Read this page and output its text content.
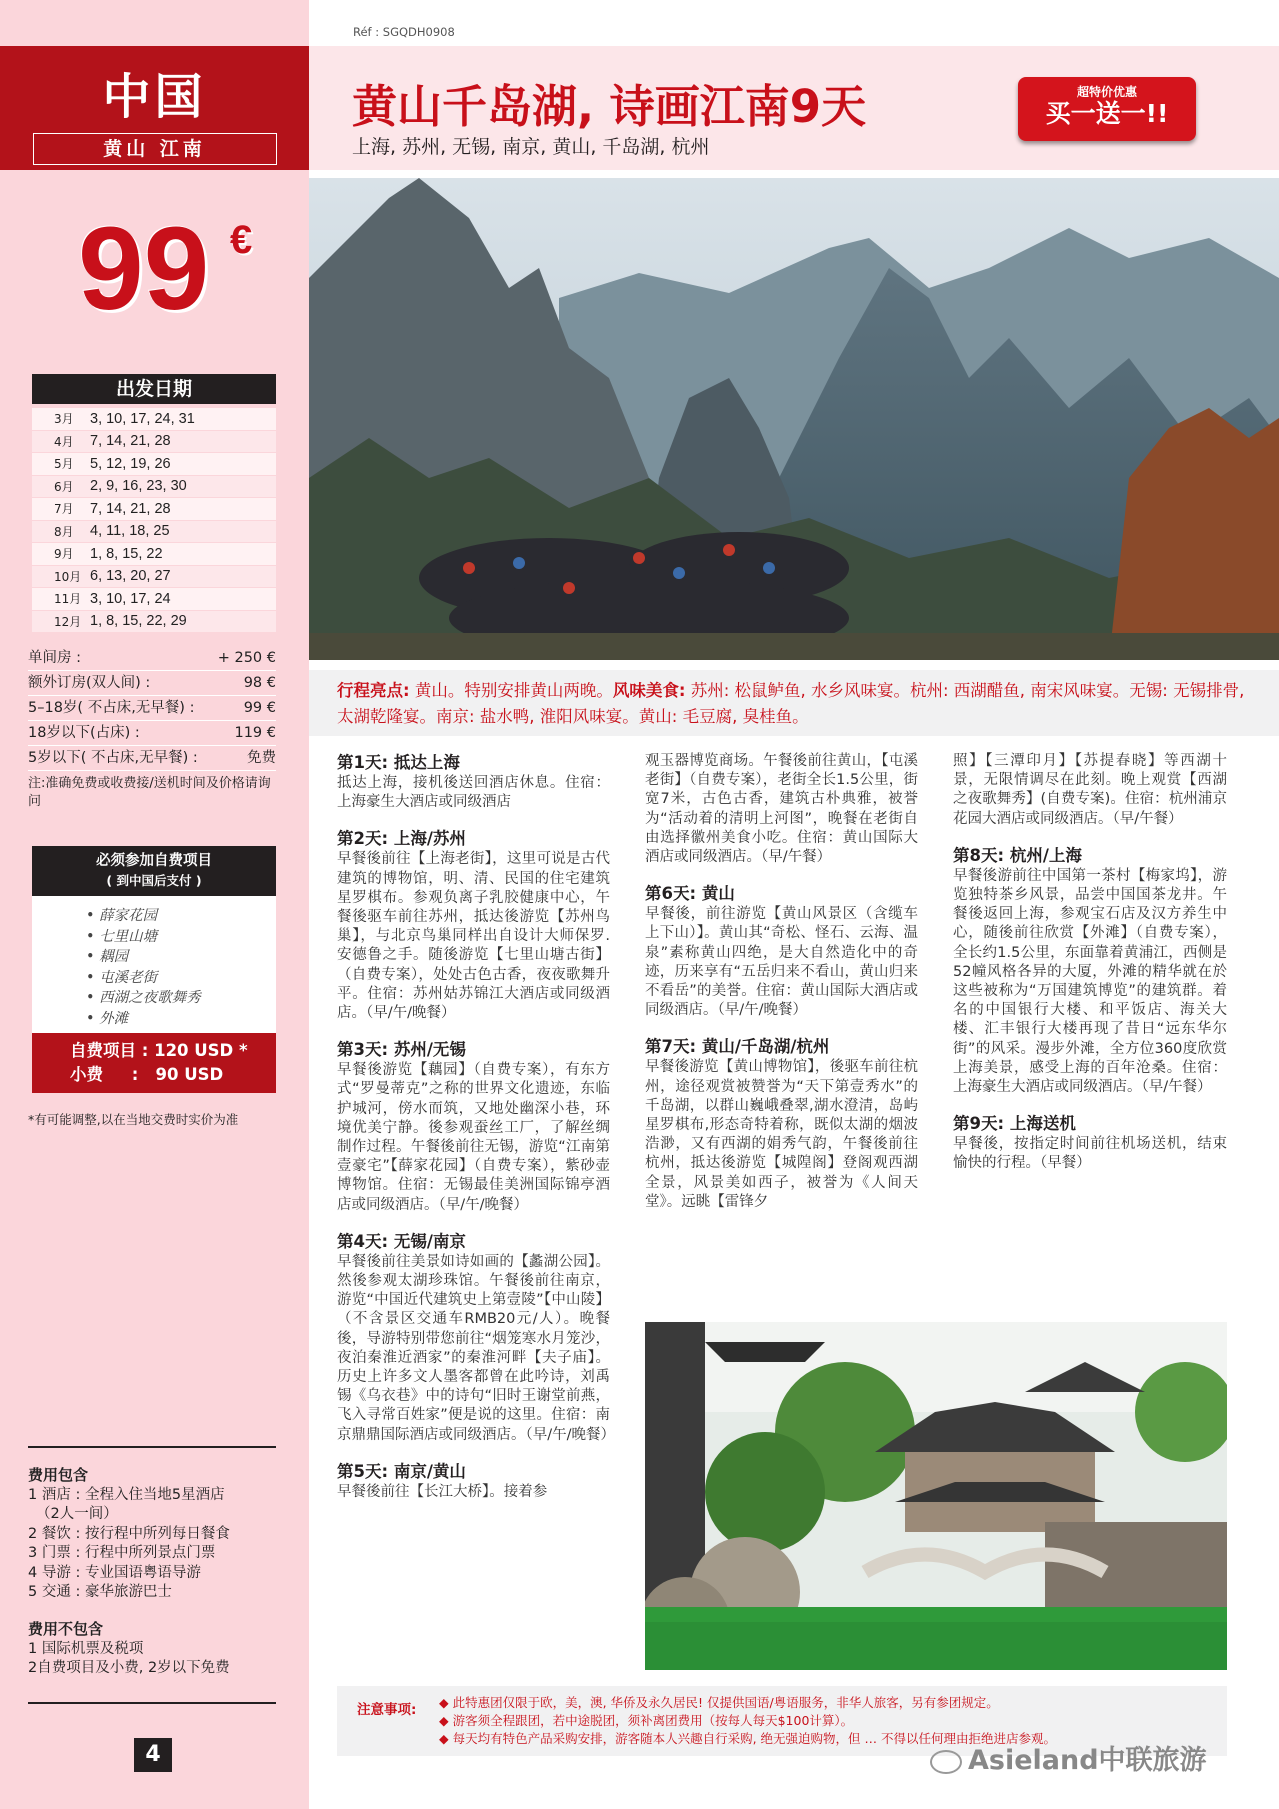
中国
黄山 江南
99 €
出发日期
3月	3, 10, 17, 24, 31
4月	7, 14, 21, 28
5月	5, 12, 19, 26
6月	2, 9, 16, 23, 30
7月	7, 14, 21, 28
8月	4, 11, 18, 25
9月	1, 8, 15, 22
10月 6, 13, 20, 27
11月 3, 10, 17, 24
12月 1, 8, 15, 22, 29
单间房 :	+ 250 €
额外订房(双人间) :	98 €
5–18岁( 不占床,无早餐) :	99 €
18岁以下(占床) :	119 €
5岁以下( 不占床,无早餐) :	免费
注:准确免费或收费接/送机时间及价格请询问
必须参加自费项目
( 到中国后支付 )
• 薛家花园
• 七里山塘
• 耦园
• 屯溪老街
• 西湖之夜歌舞秀
• 外滩
自费项目 : 120 USD *
小费     :   90 USD
*有可能调整,以在当地交费时实价为准
费用包含
1 酒店 : 全程入住当地5星酒店
（2人一间）
2 餐饮 : 按行程中所列每日餐食
3 门票 : 行程中所列景点门票
4 导游 : 专业国语粤语导游
5 交通 : 豪华旅游巴士
费用不包含
1 国际机票及税项
2自费项目及小费, 2岁以下免费
4
Réf : SGQDH0908
黄山千岛湖, 诗画江南9天
上海, 苏州, 无锡, 南京, 黄山, 千岛湖, 杭州
超特价优惠
买一送一!!
行程亮点: 黄山。特别安排黄山两晚。风味美食: 苏州: 松鼠鲈鱼, 水乡风味宴。杭州: 西湖醋鱼, 南宋风味宴。无锡: 无锡排骨, 太湖乾隆宴。南京: 盐水鸭, 淮阳风味宴。黄山: 毛豆腐, 臭桂鱼。
第1天: 抵达上海

抵达上海，接机後送回酒店休息。住宿：上海豪生大酒店或同级酒店

第2天: 上海/苏州

早餐後前往【上海老街】，这里可说是古代建筑的博物馆，明、清、民国的住宅建筑星罗棋布。参观负离子乳胶健康中心，午餐後驱车前往苏州，抵达後游览【苏州鸟巢】，与北京鸟巢同样出自设计大师保罗. 安德鲁之手。随後游览【七里山塘古街】（自费专案），处处古色古香，夜夜歌舞升平。住宿：苏州姑苏锦江大酒店或同级酒店。（早/午/晚餐）

第3天: 苏州/无锡

早餐後游览【藕园】（自费专案），有东方式“罗曼蒂克”之称的世界文化遗迹，东临护城河，傍水而筑，又地处幽深小巷，环境优美宁静。後参观蚕丝工厂，了解丝绸制作过程。午餐後前往无锡，游览“江南第壹豪宅”【薛家花园】（自费专案），紫砂壶博物馆。住宿：无锡最佳美洲国际锦亭酒店或同级酒店。（早/午/晚餐）

第4天: 无锡/南京

早餐後前往美景如诗如画的【蠡湖公园】。然後参观太湖珍珠馆。午餐後前往南京，游览“中国近代建筑史上第壹陵”【中山陵】（不含景区交通车RMB20元/人）。晚餐後，导游特别带您前往“烟笼寒水月笼沙，夜泊秦淮近酒家”的秦淮河畔【夫子庙】。历史上许多文人墨客都曾在此吟诗，刘禹锡《乌衣巷》中的诗句“旧时王谢堂前燕，飞入寻常百姓家”便是说的这里。住宿：南京鼎鼎国际酒店或同级酒店。（早/午/晚餐）

第5天: 南京/黄山

早餐後前往【长江大桥】。接着参

观玉器博览商场。午餐後前往黄山，【屯溪老街】（自费专案），老街全长1.5公里，街宽7米，古色古香，建筑古朴典雅，被誉为“活动着的清明上河图”，晚餐在老街自由选择徽州美食小吃。住宿：黄山国际大酒店或同级酒店。（早/午餐）

第6天: 黄山

早餐後，前往游览【黄山风景区（含缆车上下山）】。黄山其“奇松、怪石、云海、温泉”素称黄山四绝，是大自然造化中的奇迹，历来享有“五岳归来不看山，黄山归来不看岳”的美誉。住宿：黄山国际大酒店或同级酒店。（早/午/晚餐）

第7天: 黄山/千岛湖/杭州

早餐後游览【黄山博物馆】，後驱车前往杭州，途径观赏被赞誉为“天下第壹秀水”的千岛湖，以群山巍峨叠翠,湖水澄清，岛屿星罗棋布,形态奇特着称，既似太湖的烟波浩渺，又有西湖的娟秀气韵，午餐後前往杭州，抵达後游览【城隍阁】登阁观西湖全景，风景美如西子，被誉为《人间天堂》。远眺【雷锋夕

照】【三潭印月】【苏提春晓】等西湖十景，无限情调尽在此刻。晚上观赏【西湖之夜歌舞秀】(自费专案)。住宿：杭州浦京花园大酒店或同级酒店。（早/午餐）

第8天: 杭州/上海

早餐後游前往中国第一茶村【梅家坞】，游览独特茶乡风景，品尝中国国茶龙井。午餐後返回上海，参观宝石店及汉方养生中心，随後前往欣赏【外滩】（自费专案），全长约1.5公里，东面靠着黄浦江，西侧是52幢风格各异的大厦，外滩的精华就在於这些被称为“万国建筑博览”的建筑群。着名的中国银行大楼、和平饭店、海关大楼、汇丰银行大楼再现了昔日“远东华尔街”的风采。漫步外滩，全方位360度欣赏上海美景，感受上海的百年沧桑。住宿：上海豪生大酒店或同级酒店。（早/午餐）

第9天: 上海送机

早餐後，按指定时间前往机场送机，结束愉快的行程。（早餐）

注意事项: ◆ 此特惠团仅限于欧，美，澳, 华侨及永久居民! 仅提供国语/粤语服务，非华人旅客，另有参团规定。
◆ 游客须全程跟团，若中途脱团，须补离团费用（按每人每天$100计算）。
◆ 每天均有特色产品采购安排，游客随本人兴趣自行采购, 绝无强迫购物，但 … 不得以任何理由拒绝进店参观。
Asieland中联旅游
